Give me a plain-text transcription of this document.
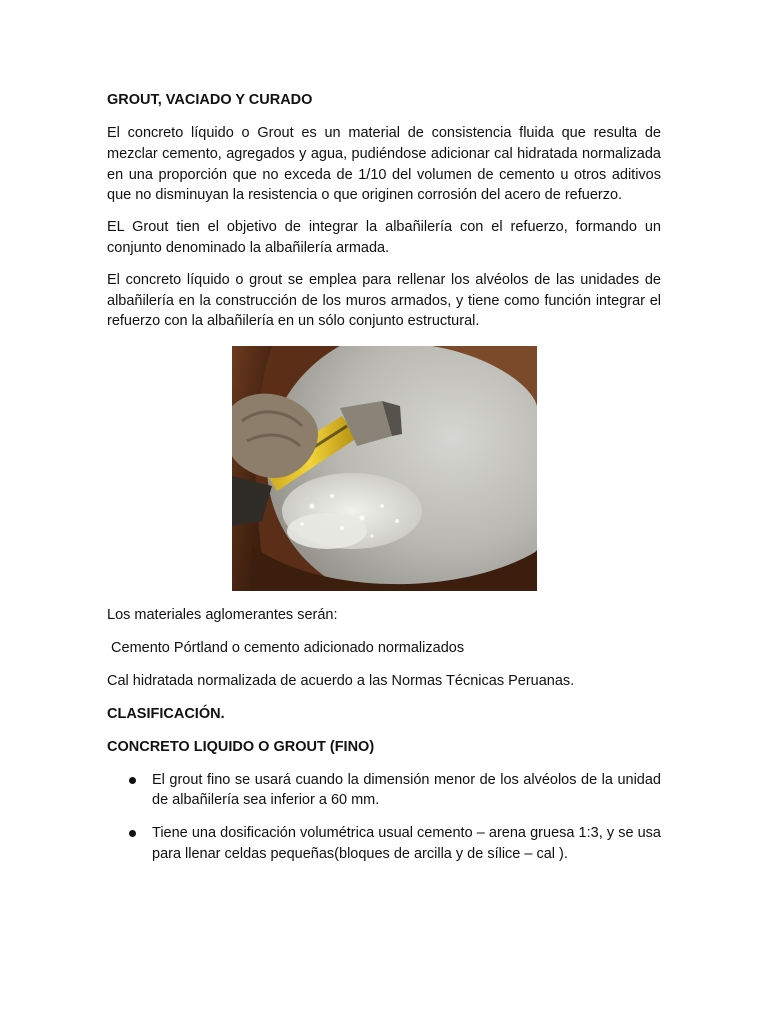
GROUT, VACIADO Y CURADO

El concreto líquido o Grout es un material de consistencia fluida que resulta de mezclar cemento, agregados y agua, pudiéndose adicionar cal hidratada normalizada en una proporción que no exceda de 1/10 del volumen de cemento u otros aditivos que no disminuyan la resistencia o que originen corrosión del acero de refuerzo.

EL Grout tien el objetivo de integrar la albañilería con el refuerzo, formando un conjunto denominado la albañilería armada.

El concreto líquido o grout se emplea para rellenar los alvéolos de las unidades de albañilería en la construcción de los muros armados, y tiene como función integrar el refuerzo con la albañilería en un sólo conjunto estructural.

Los materiales aglomerantes serán:

Cemento Pórtland o cemento adicionado normalizados

Cal hidratada normalizada de acuerdo a las Normas Técnicas Peruanas.

CLASIFICACIÓN.
CONCRETO LIQUIDO O GROUT (FINO)
El grout fino se usará cuando la dimensión menor de los alvéolos de la unidad de albañilería sea inferior a 60 mm.
Tiene una dosificación volumétrica usual cemento – arena gruesa 1:3, y se usa para llenar celdas pequeñas(bloques de arcilla y de sílice – cal ).
